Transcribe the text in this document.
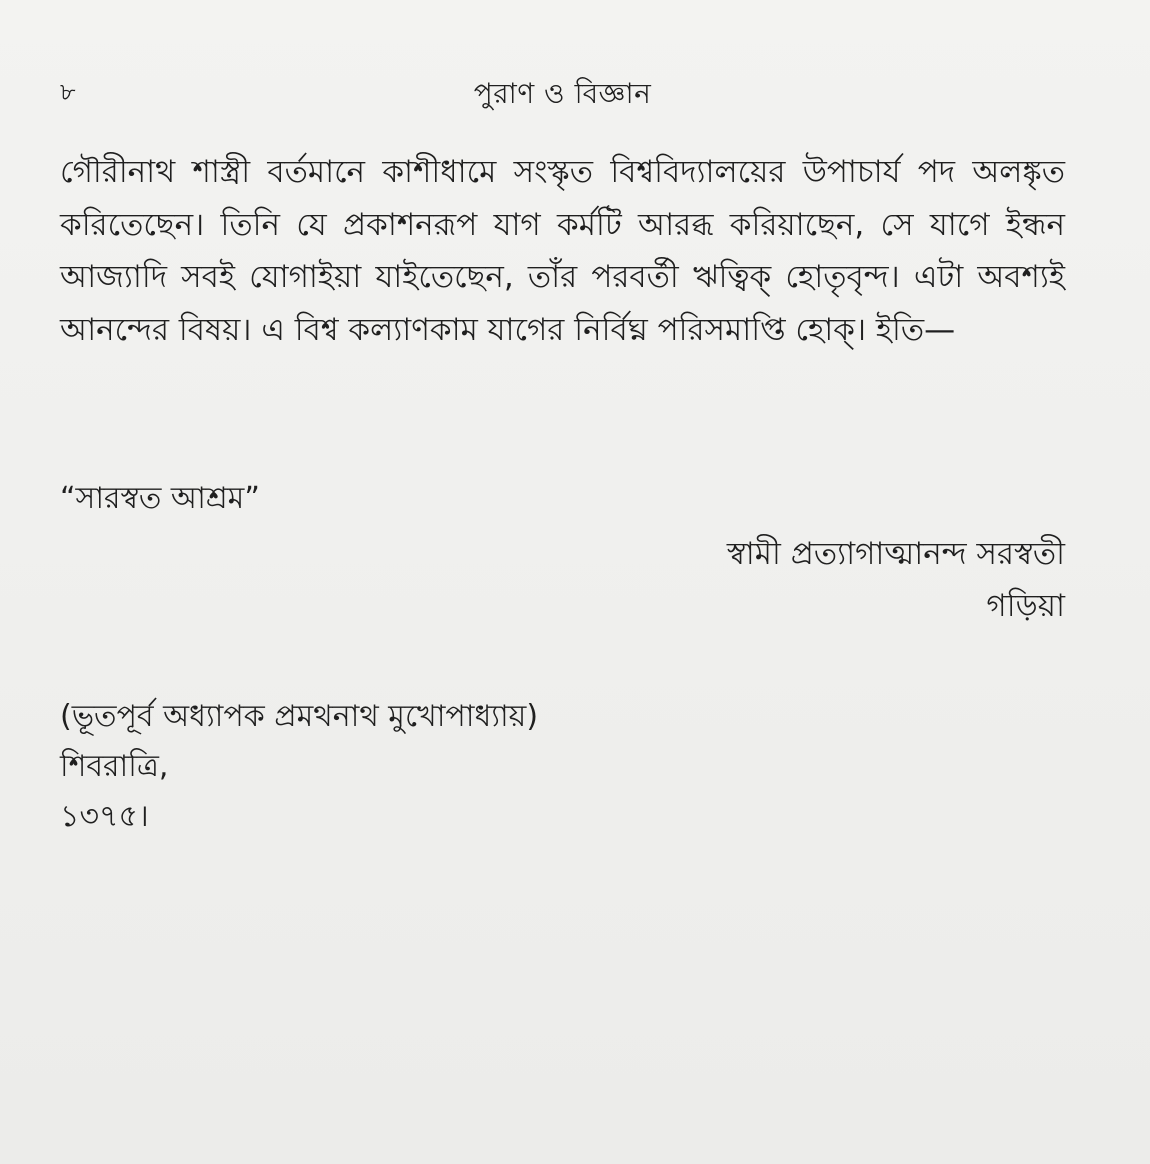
৮	পুরাণ ও বিজ্ঞান

গৌরীনাথ শাস্ত্রী বর্তমানে কাশীধামে সংস্কৃত বিশ্ববিদ্যালয়ের উপাচার্য পদ অলঙ্কৃত করিতেছেন। তিনি যে প্রকাশনরূপ যাগ কর্মটি আরব্ধ করিয়াছেন, সে যাগে ইন্ধন আজ্যাদি সবই যোগাইয়া যাইতেছেন, তাঁর পরবর্তী ঋত্বিক্ হোতৃবৃন্দ। এটা অবশ্যই আনন্দের বিষয়। এ বিশ্ব কল্যাণকাম যাগের নির্বিঘ্ন পরিসমাপ্তি হোক্। ইতি—

“সারস্বত আশ্রম”
স্বামী প্রত্যাগাত্মানন্দ সরস্বতী
গড়িয়া
(ভূতপূর্ব অধ্যাপক প্রমথনাথ মুখোপাধ্যায়)
শিবরাত্রি,
১৩৭৫।
